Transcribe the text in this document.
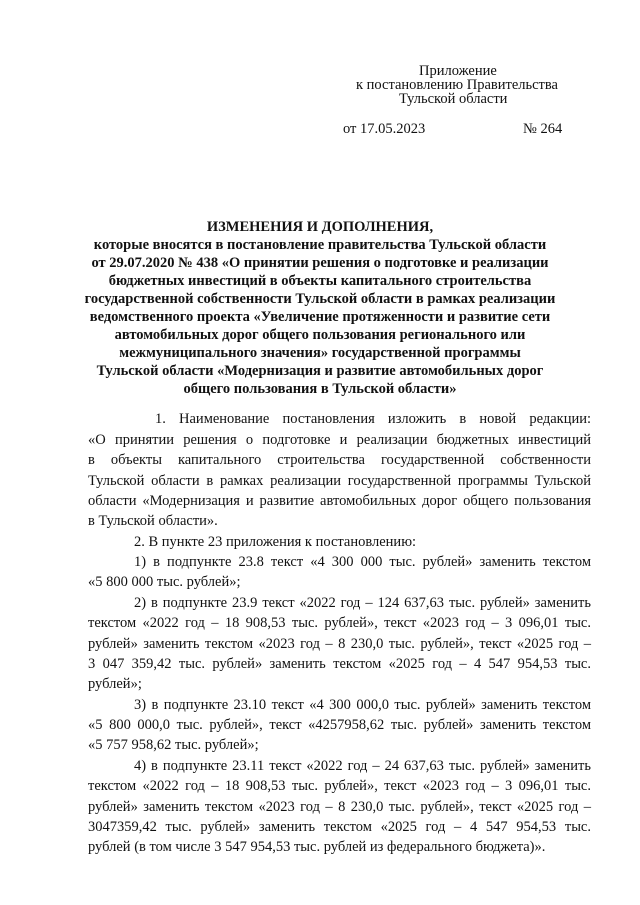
Приложение
к постановлению Правительства
Тульской области
от 17.05.2023	№ 264
ИЗМЕНЕНИЯ И ДОПОЛНЕНИЯ,
которые вносятся в постановление правительства Тульской области
от 29.07.2020 № 438 «О принятии решения о подготовке и реализации
бюджетных инвестиций в объекты капитального строительства
государственной собственности Тульской области в рамках реализации
ведомственного проекта «Увеличение протяженности и развитие сети
автомобильных дорог общего пользования регионального или
межмуниципального значения» государственной программы
Тульской области «Модернизация и развитие автомобильных дорог
общего пользования в Тульской области»
1. Наименование постановления изложить в новой редакции:
«О принятии решения о подготовке и реализации бюджетных инвестиций
в объекты капитального строительства государственной собственности
Тульской области в рамках реализации государственной программы Тульской
области «Модернизация и развитие автомобильных дорог общего пользования
в Тульской области».
2. В пункте 23 приложения к постановлению:
1) в подпункте 23.8 текст «4 300 000 тыс. рублей» заменить текстом
«5 800 000 тыс. рублей»;
2) в подпункте 23.9 текст «2022 год – 124 637,63 тыс. рублей» заменить
текстом «2022 год – 18 908,53 тыс. рублей», текст «2023 год – 3 096,01 тыс.
рублей» заменить текстом «2023 год – 8 230,0 тыс. рублей», текст «2025 год –
3 047 359,42 тыс. рублей» заменить текстом «2025 год – 4 547 954,53 тыс.
рублей»;
3) в подпункте 23.10 текст «4 300 000,0 тыс. рублей» заменить текстом
«5 800 000,0 тыс. рублей», текст «4257958,62 тыс. рублей» заменить текстом
«5 757 958,62 тыс. рублей»;
4) в подпункте 23.11 текст «2022 год – 24 637,63 тыс. рублей» заменить
текстом «2022 год – 18 908,53 тыс. рублей», текст «2023 год – 3 096,01 тыс.
рублей» заменить текстом «2023 год – 8 230,0 тыс. рублей», текст «2025 год –
3047359,42 тыс. рублей» заменить текстом «2025 год – 4 547 954,53 тыс.
рублей (в том числе 3 547 954,53 тыс. рублей из федерального бюджета)».
